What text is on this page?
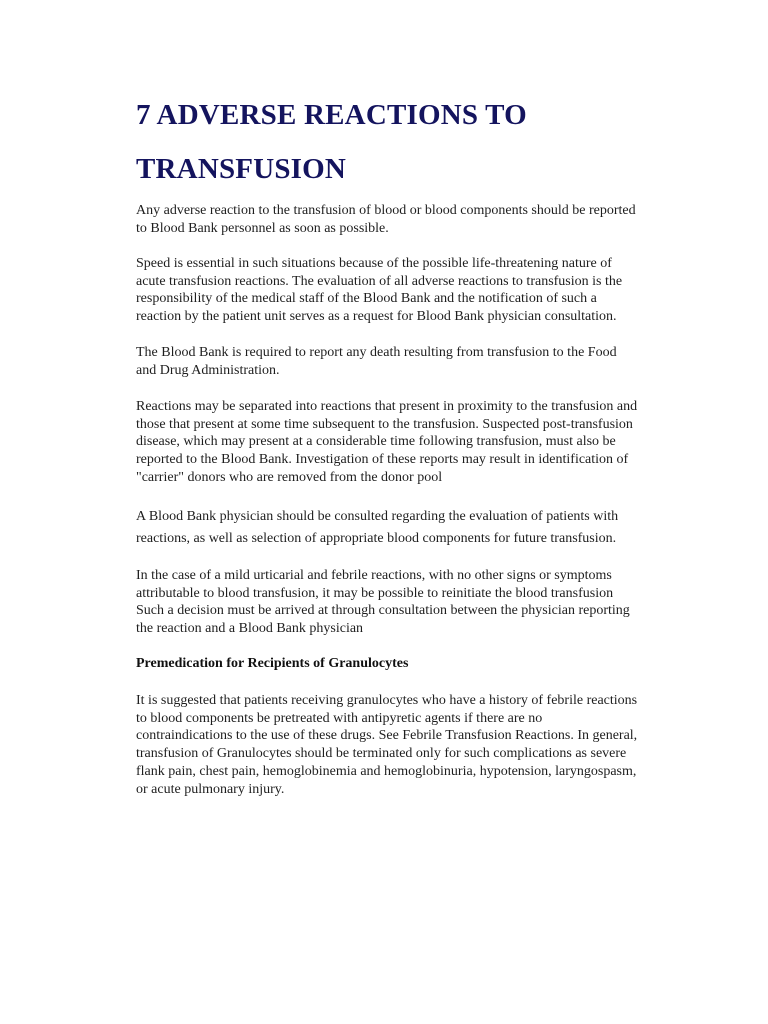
7 ADVERSE REACTIONS TO
TRANSFUSION

Any adverse reaction to the transfusion of blood or blood components should be reported
to Blood Bank personnel as soon as possible.

Speed is essential in such situations because of the possible life-threatening nature of
acute transfusion reactions. The evaluation of all adverse reactions to transfusion is the
responsibility of the medical staff of the Blood Bank and the notification of such a
reaction by the patient unit serves as a request for Blood Bank physician consultation.

The Blood Bank is required to report any death resulting from transfusion to the Food
and Drug Administration.

Reactions may be separated into reactions that present in proximity to the transfusion and
those that present at some time subsequent to the transfusion. Suspected post-transfusion
disease, which may present at a considerable time following transfusion, must also be
reported to the Blood Bank. Investigation of these reports may result in identification of
"carrier" donors who are removed from the donor pool

A Blood Bank physician should be consulted regarding the evaluation of patients with
reactions, as well as selection of appropriate blood components for future transfusion.

In the case of a mild urticarial and febrile reactions, with no other signs or symptoms
attributable to blood transfusion, it may be possible to reinitiate the blood transfusion
Such a decision must be arrived at through consultation between the physician reporting
the reaction and a Blood Bank physician

Premedication for Recipients of Granulocytes

It is suggested that patients receiving granulocytes who have a history of febrile reactions
to blood components be pretreated with antipyretic agents if there are no
contraindications to the use of these drugs. See Febrile Transfusion Reactions. In general,
transfusion of Granulocytes should be terminated only for such complications as severe
flank pain, chest pain, hemoglobinemia and hemoglobinuria, hypotension, laryngospasm,
or acute pulmonary injury.
